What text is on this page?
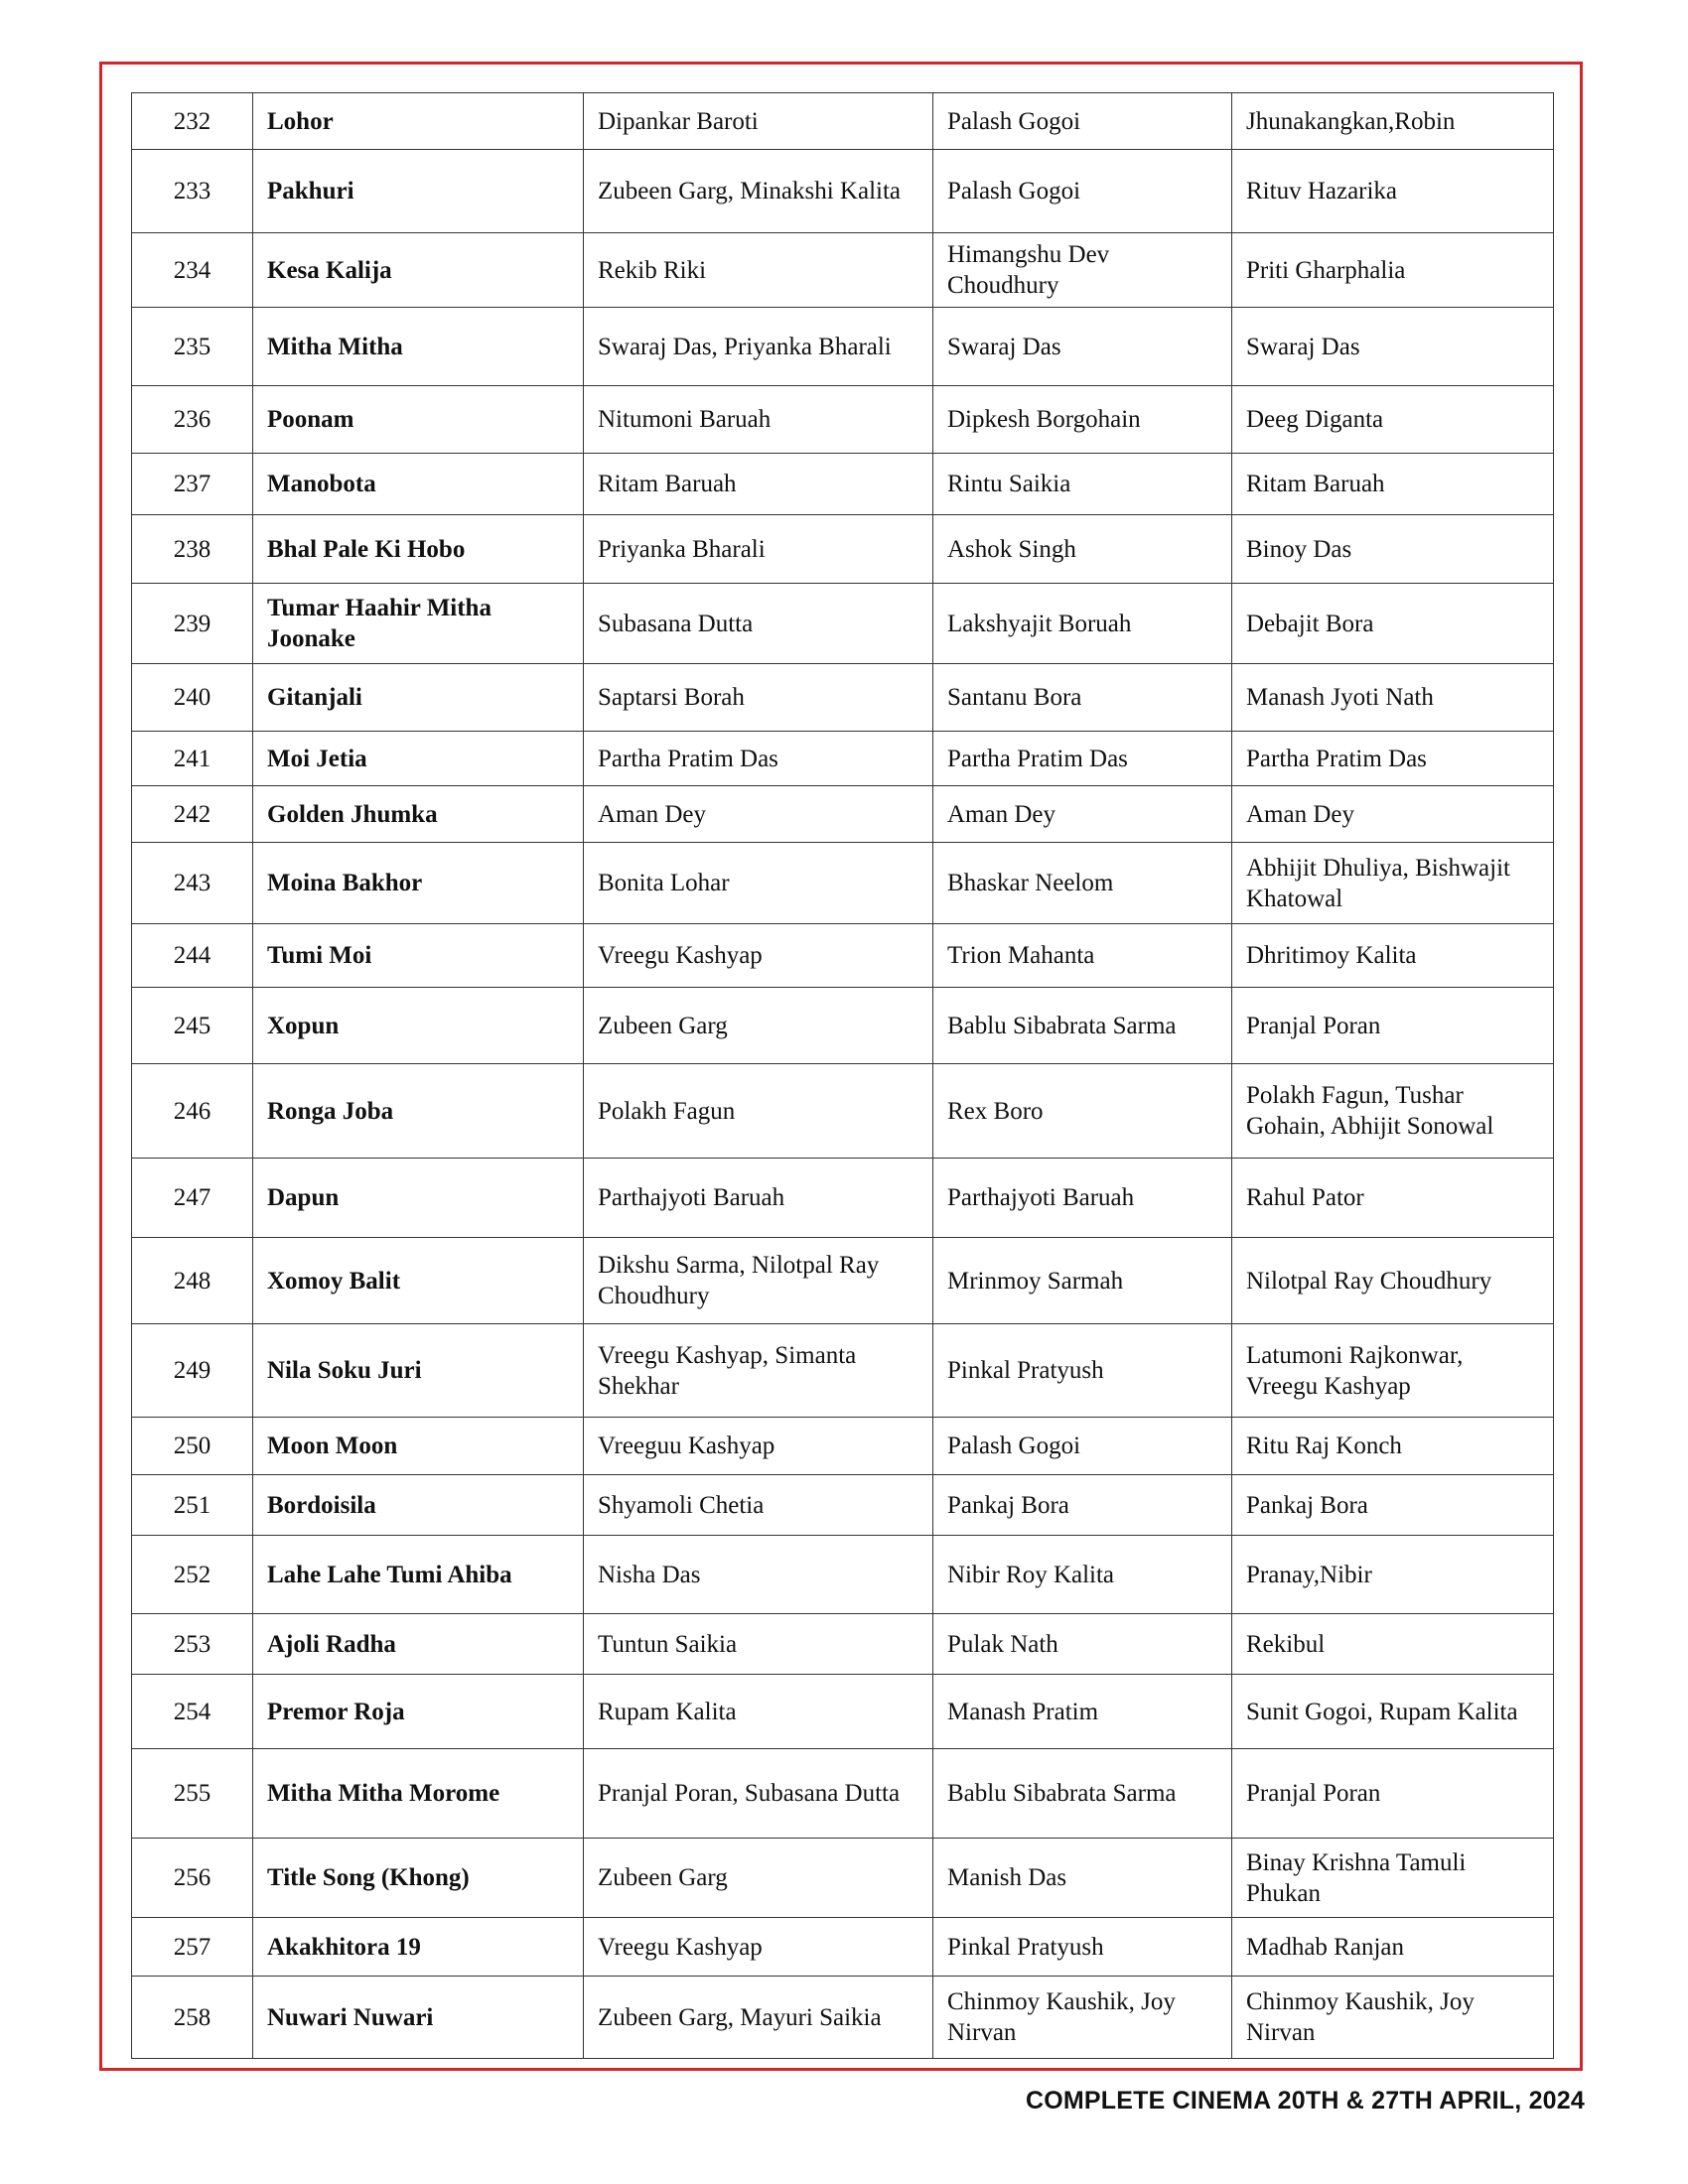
232	Lohor	Dipankar Baroti	Palash Gogoi	Jhunakangkan,Robin
233	Pakhuri	Zubeen Garg, Minakshi Kalita	Palash Gogoi	Rituv Hazarika
234	Kesa Kalija	Rekib Riki	Himangshu Dev Choudhury	Priti Gharphalia
235	Mitha Mitha	Swaraj Das, Priyanka Bharali	Swaraj Das	Swaraj Das
236	Poonam	Nitumoni Baruah	Dipkesh Borgohain	Deeg Diganta
237	Manobota	Ritam Baruah	Rintu Saikia	Ritam Baruah
238	Bhal Pale Ki Hobo	Priyanka Bharali	Ashok Singh	Binoy Das
239	Tumar Haahir Mitha Joonake	Subasana Dutta	Lakshyajit Boruah	Debajit Bora
240	Gitanjali	Saptarsi Borah	Santanu Bora	Manash Jyoti Nath
241	Moi Jetia	Partha Pratim Das	Partha Pratim Das	Partha Pratim Das
242	Golden Jhumka	Aman Dey	Aman Dey	Aman Dey
243	Moina Bakhor	Bonita Lohar	Bhaskar Neelom	Abhijit Dhuliya, Bishwajit Khatowal
244	Tumi Moi	Vreegu Kashyap	Trion Mahanta	Dhritimoy Kalita
245	Xopun	Zubeen Garg	Bablu Sibabrata Sarma	Pranjal Poran
246	Ronga Joba	Polakh Fagun	Rex Boro	Polakh Fagun, Tushar Gohain, Abhijit Sonowal
247	Dapun	Parthajyoti Baruah	Parthajyoti Baruah	Rahul Pator
248	Xomoy Balit	Dikshu Sarma, Nilotpal Ray Choudhury	Mrinmoy Sarmah	Nilotpal Ray Choudhury
249	Nila Soku Juri	Vreegu Kashyap, Simanta Shekhar	Pinkal Pratyush	Latumoni Rajkonwar, Vreegu Kashyap
250	Moon Moon	Vreeguu Kashyap	Palash Gogoi	Ritu Raj Konch
251	Bordoisila	Shyamoli Chetia	Pankaj Bora	Pankaj Bora
252	Lahe Lahe Tumi Ahiba	Nisha Das	Nibir Roy Kalita	Pranay,Nibir
253	Ajoli Radha	Tuntun Saikia	Pulak Nath	Rekibul
254	Premor Roja	Rupam Kalita	Manash Pratim	Sunit Gogoi, Rupam Kalita
255	Mitha Mitha Morome	Pranjal Poran, Subasana Dutta	Bablu Sibabrata Sarma	Pranjal Poran
256	Title Song (Khong)	Zubeen Garg	Manish Das	Binay Krishna Tamuli Phukan
257	Akakhitora 19	Vreegu Kashyap	Pinkal Pratyush	Madhab Ranjan
258	Nuwari Nuwari	Zubeen Garg, Mayuri Saikia	Chinmoy Kaushik, Joy Nirvan	Chinmoy Kaushik, Joy Nirvan
COMPLETE CINEMA 20TH & 27TH APRIL, 2024
